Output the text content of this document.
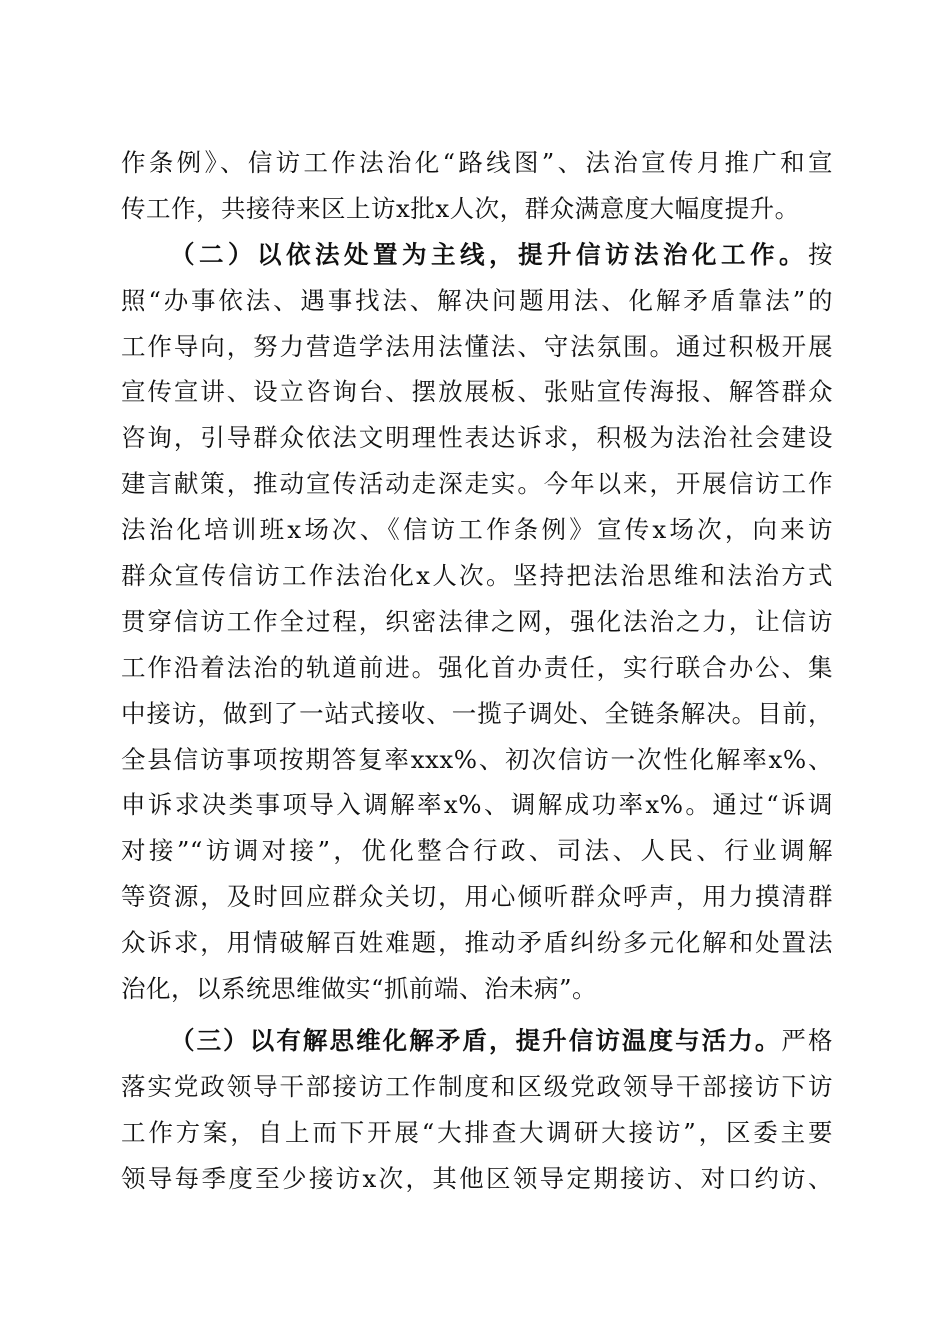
作条例》、信访工作法治化“路线图”、法治宣传月推广和宣
传工作，共接待来区上访x批x人次，群众满意度大幅度提升。
（二）以依法处置为主线，提升信访法治化工作。按
照“办事依法、遇事找法、解决问题用法、化解矛盾靠法”的
工作导向，努力营造学法用法懂法、守法氛围。通过积极开展
宣传宣讲、设立咨询台、摆放展板、张贴宣传海报、解答群众
咨询，引导群众依法文明理性表达诉求，积极为法治社会建设
建言献策，推动宣传活动走深走实。今年以来，开展信访工作
法治化培训班x场次、《信访工作条例》宣传x场次，向来访
群众宣传信访工作法治化x人次。坚持把法治思维和法治方式
贯穿信访工作全过程，织密法律之网，强化法治之力，让信访
工作沿着法治的轨道前进。强化首办责任，实行联合办公、集
中接访，做到了一站式接收、一揽子调处、全链条解决。目前，
全县信访事项按期答复率xxx%、初次信访一次性化解率x%、
申诉求决类事项导入调解率x%、调解成功率x%。通过“诉调
对接”“访调对接”，优化整合行政、司法、人民、行业调解
等资源，及时回应群众关切，用心倾听群众呼声，用力摸清群
众诉求，用情破解百姓难题，推动矛盾纠纷多元化解和处置法
治化，以系统思维做实“抓前端、治未病”。
（三）以有解思维化解矛盾，提升信访温度与活力。严格
落实党政领导干部接访工作制度和区级党政领导干部接访下访
工作方案，自上而下开展“大排查大调研大接访”，区委主要
领导每季度至少接访x次，其他区领导定期接访、对口约访、
